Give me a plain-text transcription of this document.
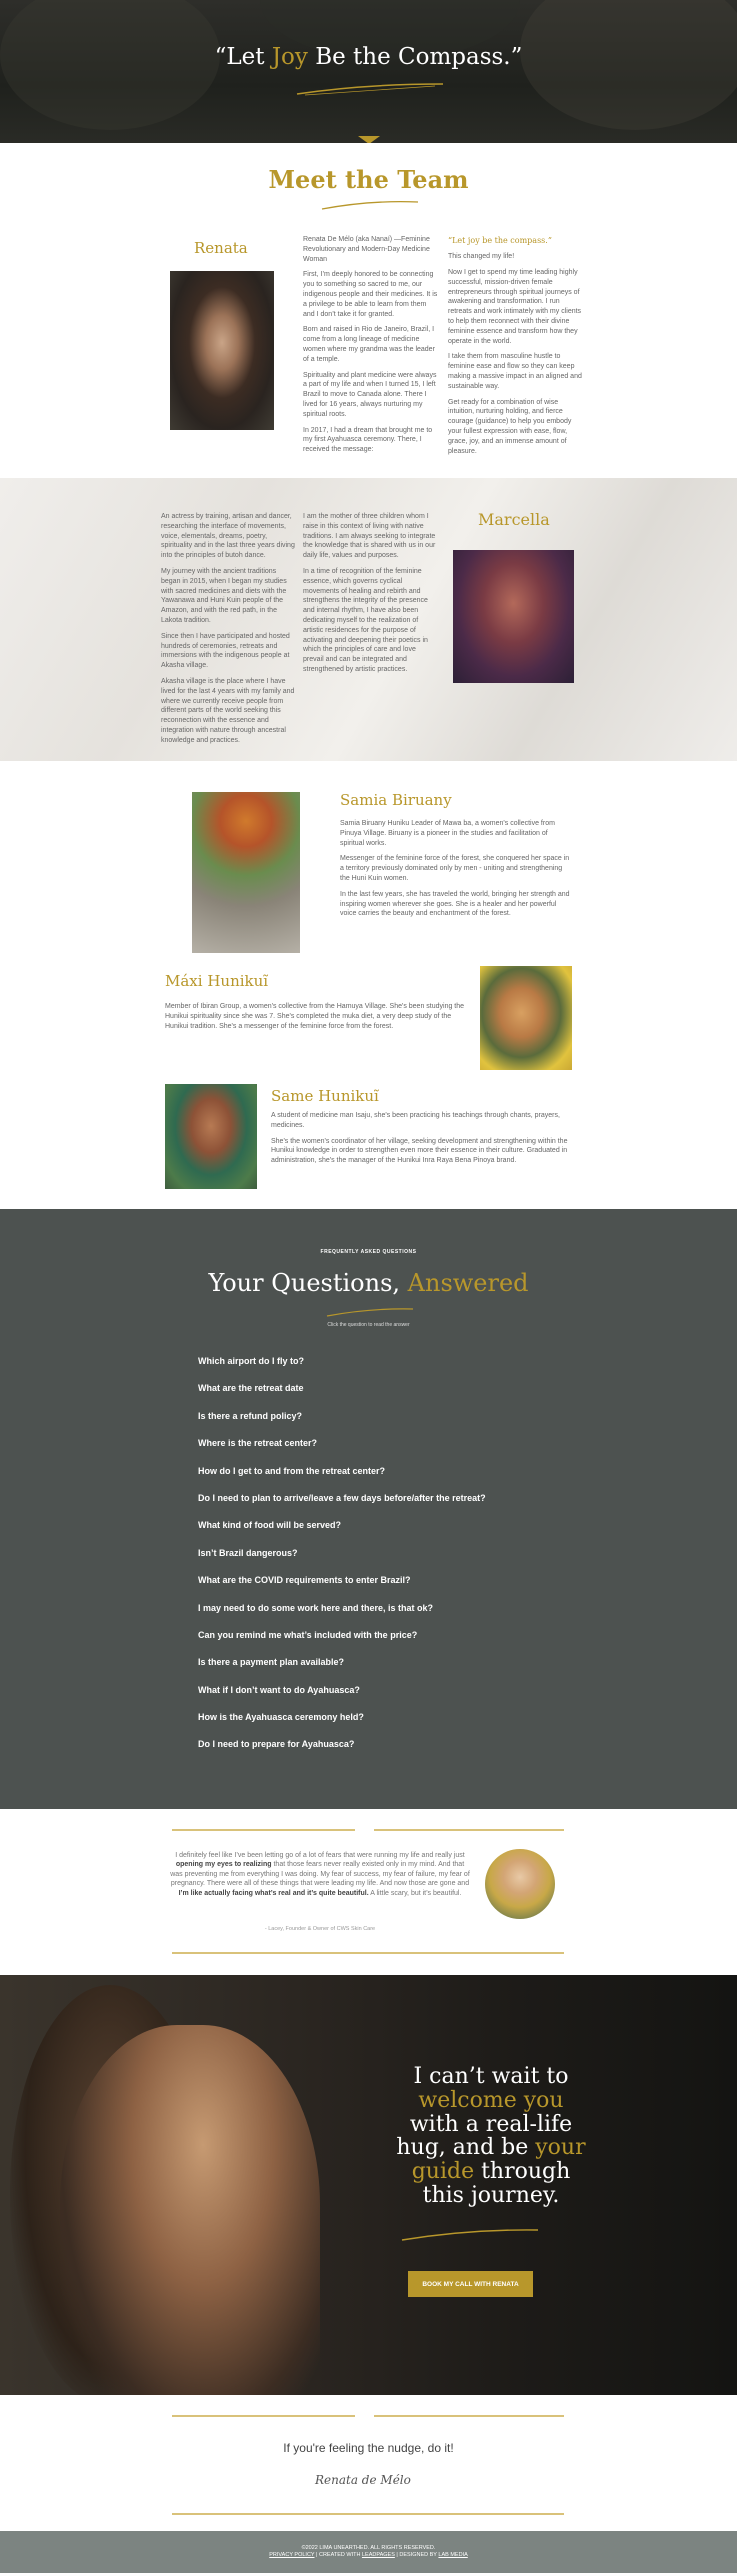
“Let Joy Be the Compass.”
Meet the Team
Renata	Renata De Mélo (aka Nanaí) —Feminine Revolutionary and Modern-Day Medicine Woman

First, I’m deeply honored to be connecting you to something so sacred to me, our indigenous people and their medicines. It is a privilege to be able to learn from them and I don’t take it for granted.

Born and raised in Rio de Janeiro, Brazil, I come from a long lineage of medicine women where my grandma was the leader of a temple.

Spirituality and plant medicine were always a part of my life and when I turned 15, I left Brazil to move to Canada alone. There I lived for 16 years, always nurturing my spiritual roots.

In 2017, I had a dream that brought me to my first Ayahuasca ceremony. There, I received the message:

“Let joy be the compass.”

This changed my life!

Now I get to spend my time leading highly successful, mission-driven female entrepreneurs through spiritual journeys of awakening and transformation. I run retreats and work intimately with my clients to help them reconnect with their divine feminine essence and transform how they operate in the world.

I take them from masculine hustle to feminine ease and flow so they can keep making a massive impact in an aligned and sustainable way.

Get ready for a combination of wise intuition, nurturing holding, and fierce courage (guidance) to help you embody your fullest expression with ease, flow, grace, joy, and an immense amount of pleasure.

An actress by training, artisan and dancer, researching the interface of movements, voice, elementals, dreams, poetry, spirituality and in the last three years diving into the principles of butoh dance.

My journey with the ancient traditions began in 2015, when I began my studies with sacred medicines and diets with the Yawanawa and Huni Kuin people of the Amazon, and with the red path, in the Lakota tradition.

Since then I have participated and hosted hundreds of ceremonies, retreats and immersions with the indigenous people at Akasha village.

Akasha village is the place where I have lived for the last 4 years with my family and where we currently receive people from different parts of the world seeking this reconnection with the essence and integration with nature through ancestral knowledge and practices.

I am the mother of three children whom I raise in this context of living with native traditions. I am always seeking to integrate the knowledge that is shared with us in our daily life, values and purposes.

In a time of recognition of the feminine essence, which governs cyclical movements of healing and rebirth and strengthens the integrity of the presence and internal rhythm, I have also been dedicating myself to the realization of artistic residences for the purpose of activating and deepening their poetics in which the principles of care and love prevail and can be integrated and strengthened by artistic practices.

Marcella
Samia Biruany

Samia Biruany Huniku Leader of Mawa ba, a women's collective from Pinuya Village. Biruany is a pioneer in the studies and facilitation of spiritual works.

Messenger of the feminine force of the forest, she conquered her space in a territory previously dominated only by men - uniting and strengthening the Huni Kuin women.

In the last few years, she has traveled the world, bringing her strength and inspiring women wherever she goes. She is a healer and her powerful voice carries the beauty and enchantment of the forest.

Máxi Hunikuĩ

Member of Ibiran Group, a women's collective from the Hamuya Village. She's been studying the Hunikui spirituality since she was 7. She's completed the muka diet, a very deep study of the Hunikui tradition. She's a messenger of the feminine force from the forest.

Same Hunikuĩ

A student of medicine man Isaju, she's been practicing his teachings through chants, prayers, medicines.

She's the women's coordinator of her village, seeking development and strengthening within the Hunikui knowledge in order to strengthen even more their essence in their culture. Graduated in administration, she's the manager of the Hunikui Inra Raya Bena Pinoya brand.

FREQUENTLY ASKED QUESTIONS
Your Questions, Answered
Click the question to read the answer
Which airport do I fly to?
What are the retreat date
Is there a refund policy?
Where is the retreat center?
How do I get to and from the retreat center?
Do I need to plan to arrive/leave a few days before/after the retreat?
What kind of food will be served?
Isn’t Brazil dangerous?
What are the COVID requirements to enter Brazil?
I may need to do some work here and there, is that ok?
Can you remind me what’s included with the price?
Is there a payment plan available?
What if I don’t want to do Ayahuasca?
How is the Ayahuasca ceremony held?
Do I need to prepare for Ayahuasca?
I definitely feel like I’ve been letting go of a lot of fears that were running my life and really just opening my eyes to realizing that those fears never really existed only in my mind. And that was preventing me from everything I was doing. My fear of success, my fear of failure, my fear of pregnancy. There were all of these things that were leading my life. And now those are gone and I’m like actually facing what’s real and it’s quite beautiful. A little scary, but it’s beautiful.
- Lacey, Founder & Owner of CWS Skin Care
I can’t wait to
welcome you
with a real-life
hug, and be your
guide through
this journey.
BOOK MY CALL WITH RENATA
If you're feeling the nudge, do it!
Renata de Mélo
©2022 LIMA UNEARTHED. ALL RIGHTS RESERVED.
PRIVACY POLICY | CREATED WITH LEADPAGES | DESIGNED BY LAB MEDIA
